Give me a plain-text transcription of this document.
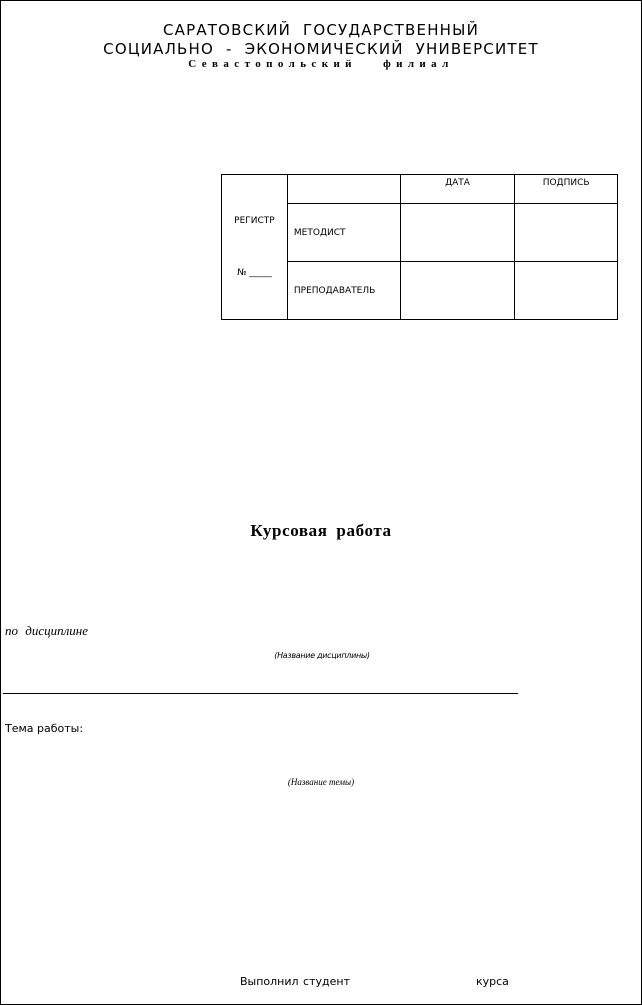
САРАТОВСКИЙ ГОСУДАРСТВЕННЫЙ
СОЦИАЛЬНО - ЭКОНОМИЧЕСКИЙ УНИВЕРСИТЕТ
Севастопольский филиал
РЕГИСТР
№ _____		ДАТА	ПОДПИСЬ
	МЕТОДИСТ		
	ПРЕПОДАВАТЕЛЬ		
Курсовая работа
по дисциплине
(Название дисциплины)
Тема работы:
(Название темы)
Выполнил студент	курса
